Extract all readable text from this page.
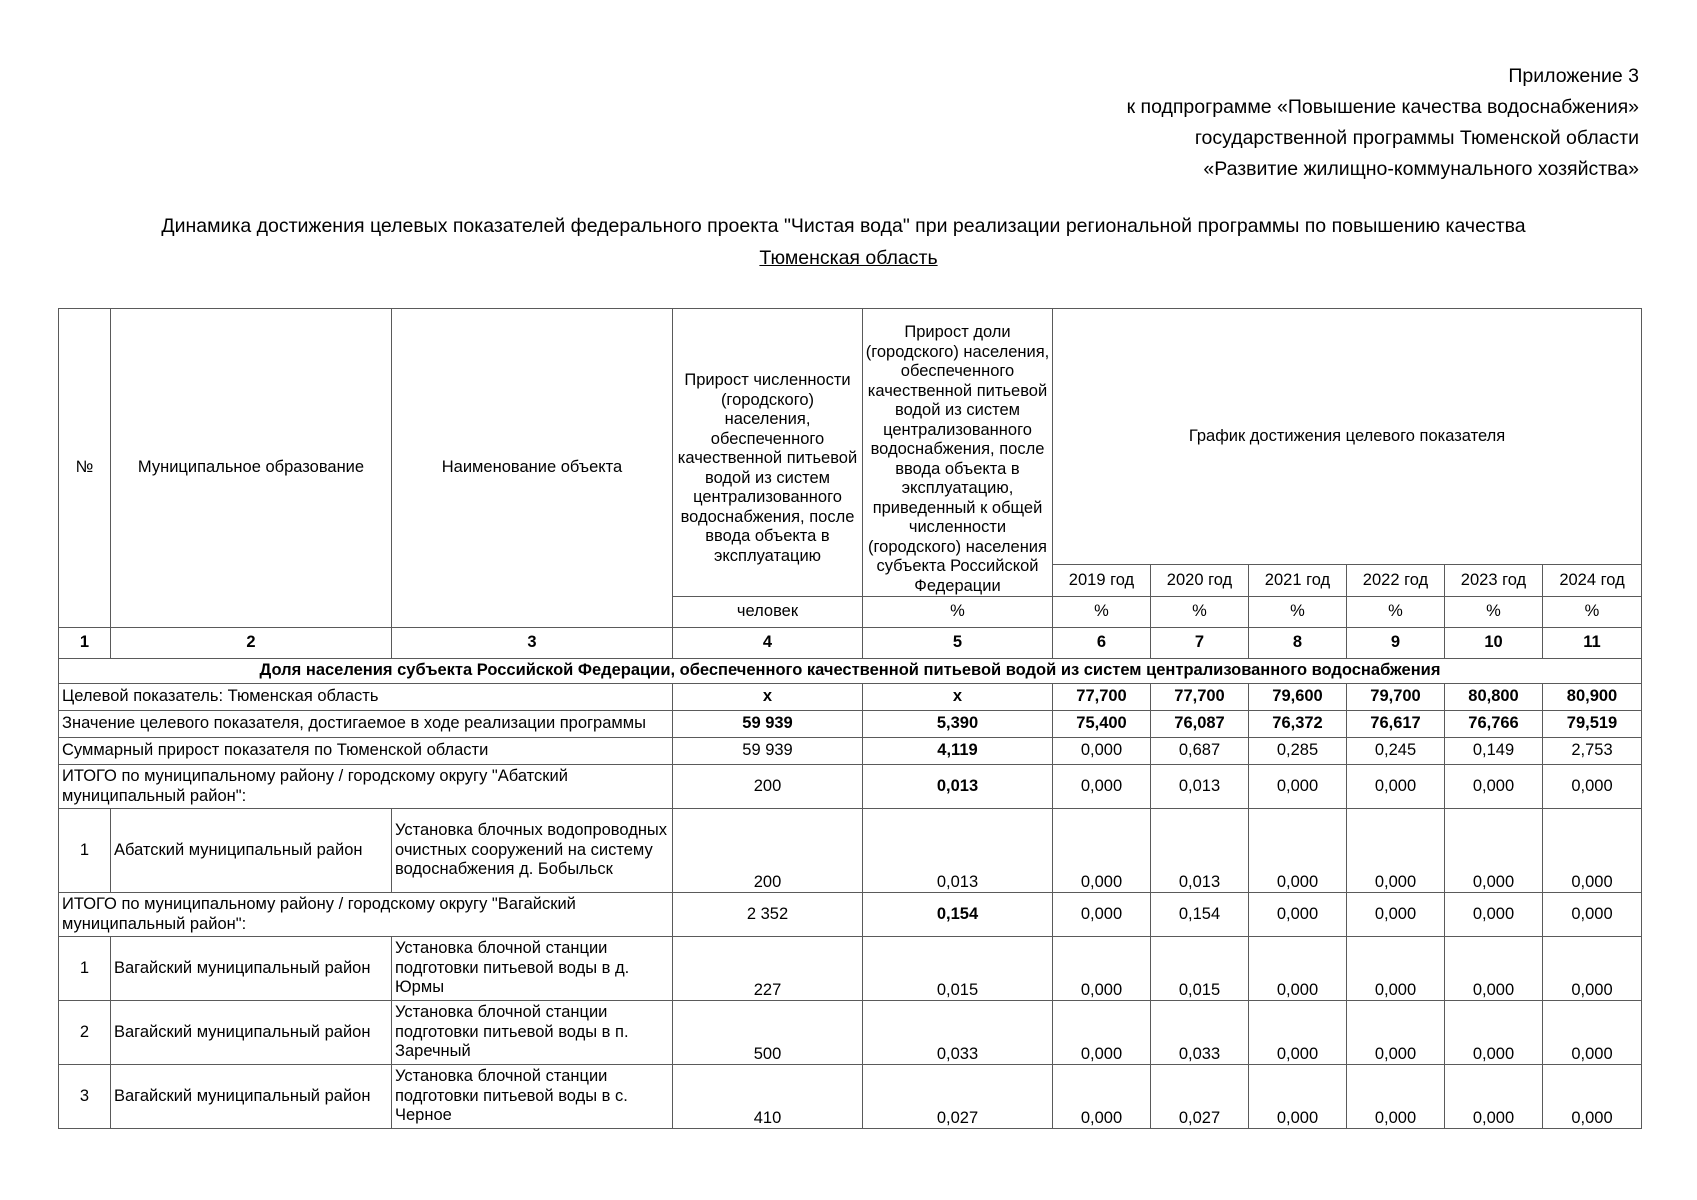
Приложение 3
к подпрограмме «Повышение качества водоснабжения»
государственной программы Тюменской области
«Развитие жилищно-коммунального хозяйства»
Динамика достижения целевых показателей федерального проекта "Чистая вода" при реализации региональной программы по повышению качества
Тюменская область
№	Муниципальное образование	Наименование объекта	Прирост численности (городского) населения, обеспеченного качественной питьевой водой из систем централизованного водоснабжения, после ввода объекта в эксплуатацию	Прирост доли (городского) населения, обеспеченного качественной питьевой водой из систем централизованного водоснабжения, после ввода объекта в эксплуатацию, приведенный к общей численности (городского) населения субъекта Российской Федерации	График достижения целевого показателя					
					2019 год	2020 год	2021 год	2022 год	2023 год	2024 год
			человек	%	%	%	%	%	%	%
1	2	3	4	5	6	7	8	9	10	11
Доля населения субъекта Российской Федерации, обеспеченного качественной питьевой водой из систем централизованного водоснабжения										
Целевой показатель: Тюменская область			х	х	77,700	77,700	79,600	79,700	80,800	80,900
Значение целевого показателя, достигаемое в ходе реализации программы			59 939	5,390	75,400	76,087	76,372	76,617	76,766	79,519
Суммарный прирост показателя по Тюменской области			59 939	4,119	0,000	0,687	0,285	0,245	0,149	2,753
ИТОГО по муниципальному району / городскому округу "Абатский муниципальный район":			200	0,013	0,000	0,013	0,000	0,000	0,000	0,000
1	Абатский муниципальный район	Установка блочных водопроводных очистных сооружений на систему водоснабжения д. Бобыльск	200	0,013	0,000	0,013	0,000	0,000	0,000	0,000
ИТОГО по муниципальному району / городскому округу "Вагайский муниципальный район":			2 352	0,154	0,000	0,154	0,000	0,000	0,000	0,000
1	Вагайский муниципальный район	Установка блочной станции подготовки питьевой воды в д. Юрмы	227	0,015	0,000	0,015	0,000	0,000	0,000	0,000
2	Вагайский муниципальный район	Установка блочной станции подготовки питьевой воды в п. Заречный	500	0,033	0,000	0,033	0,000	0,000	0,000	0,000
3	Вагайский муниципальный район	Установка блочной станции подготовки питьевой воды в с. Черное	410	0,027	0,000	0,027	0,000	0,000	0,000	0,000
